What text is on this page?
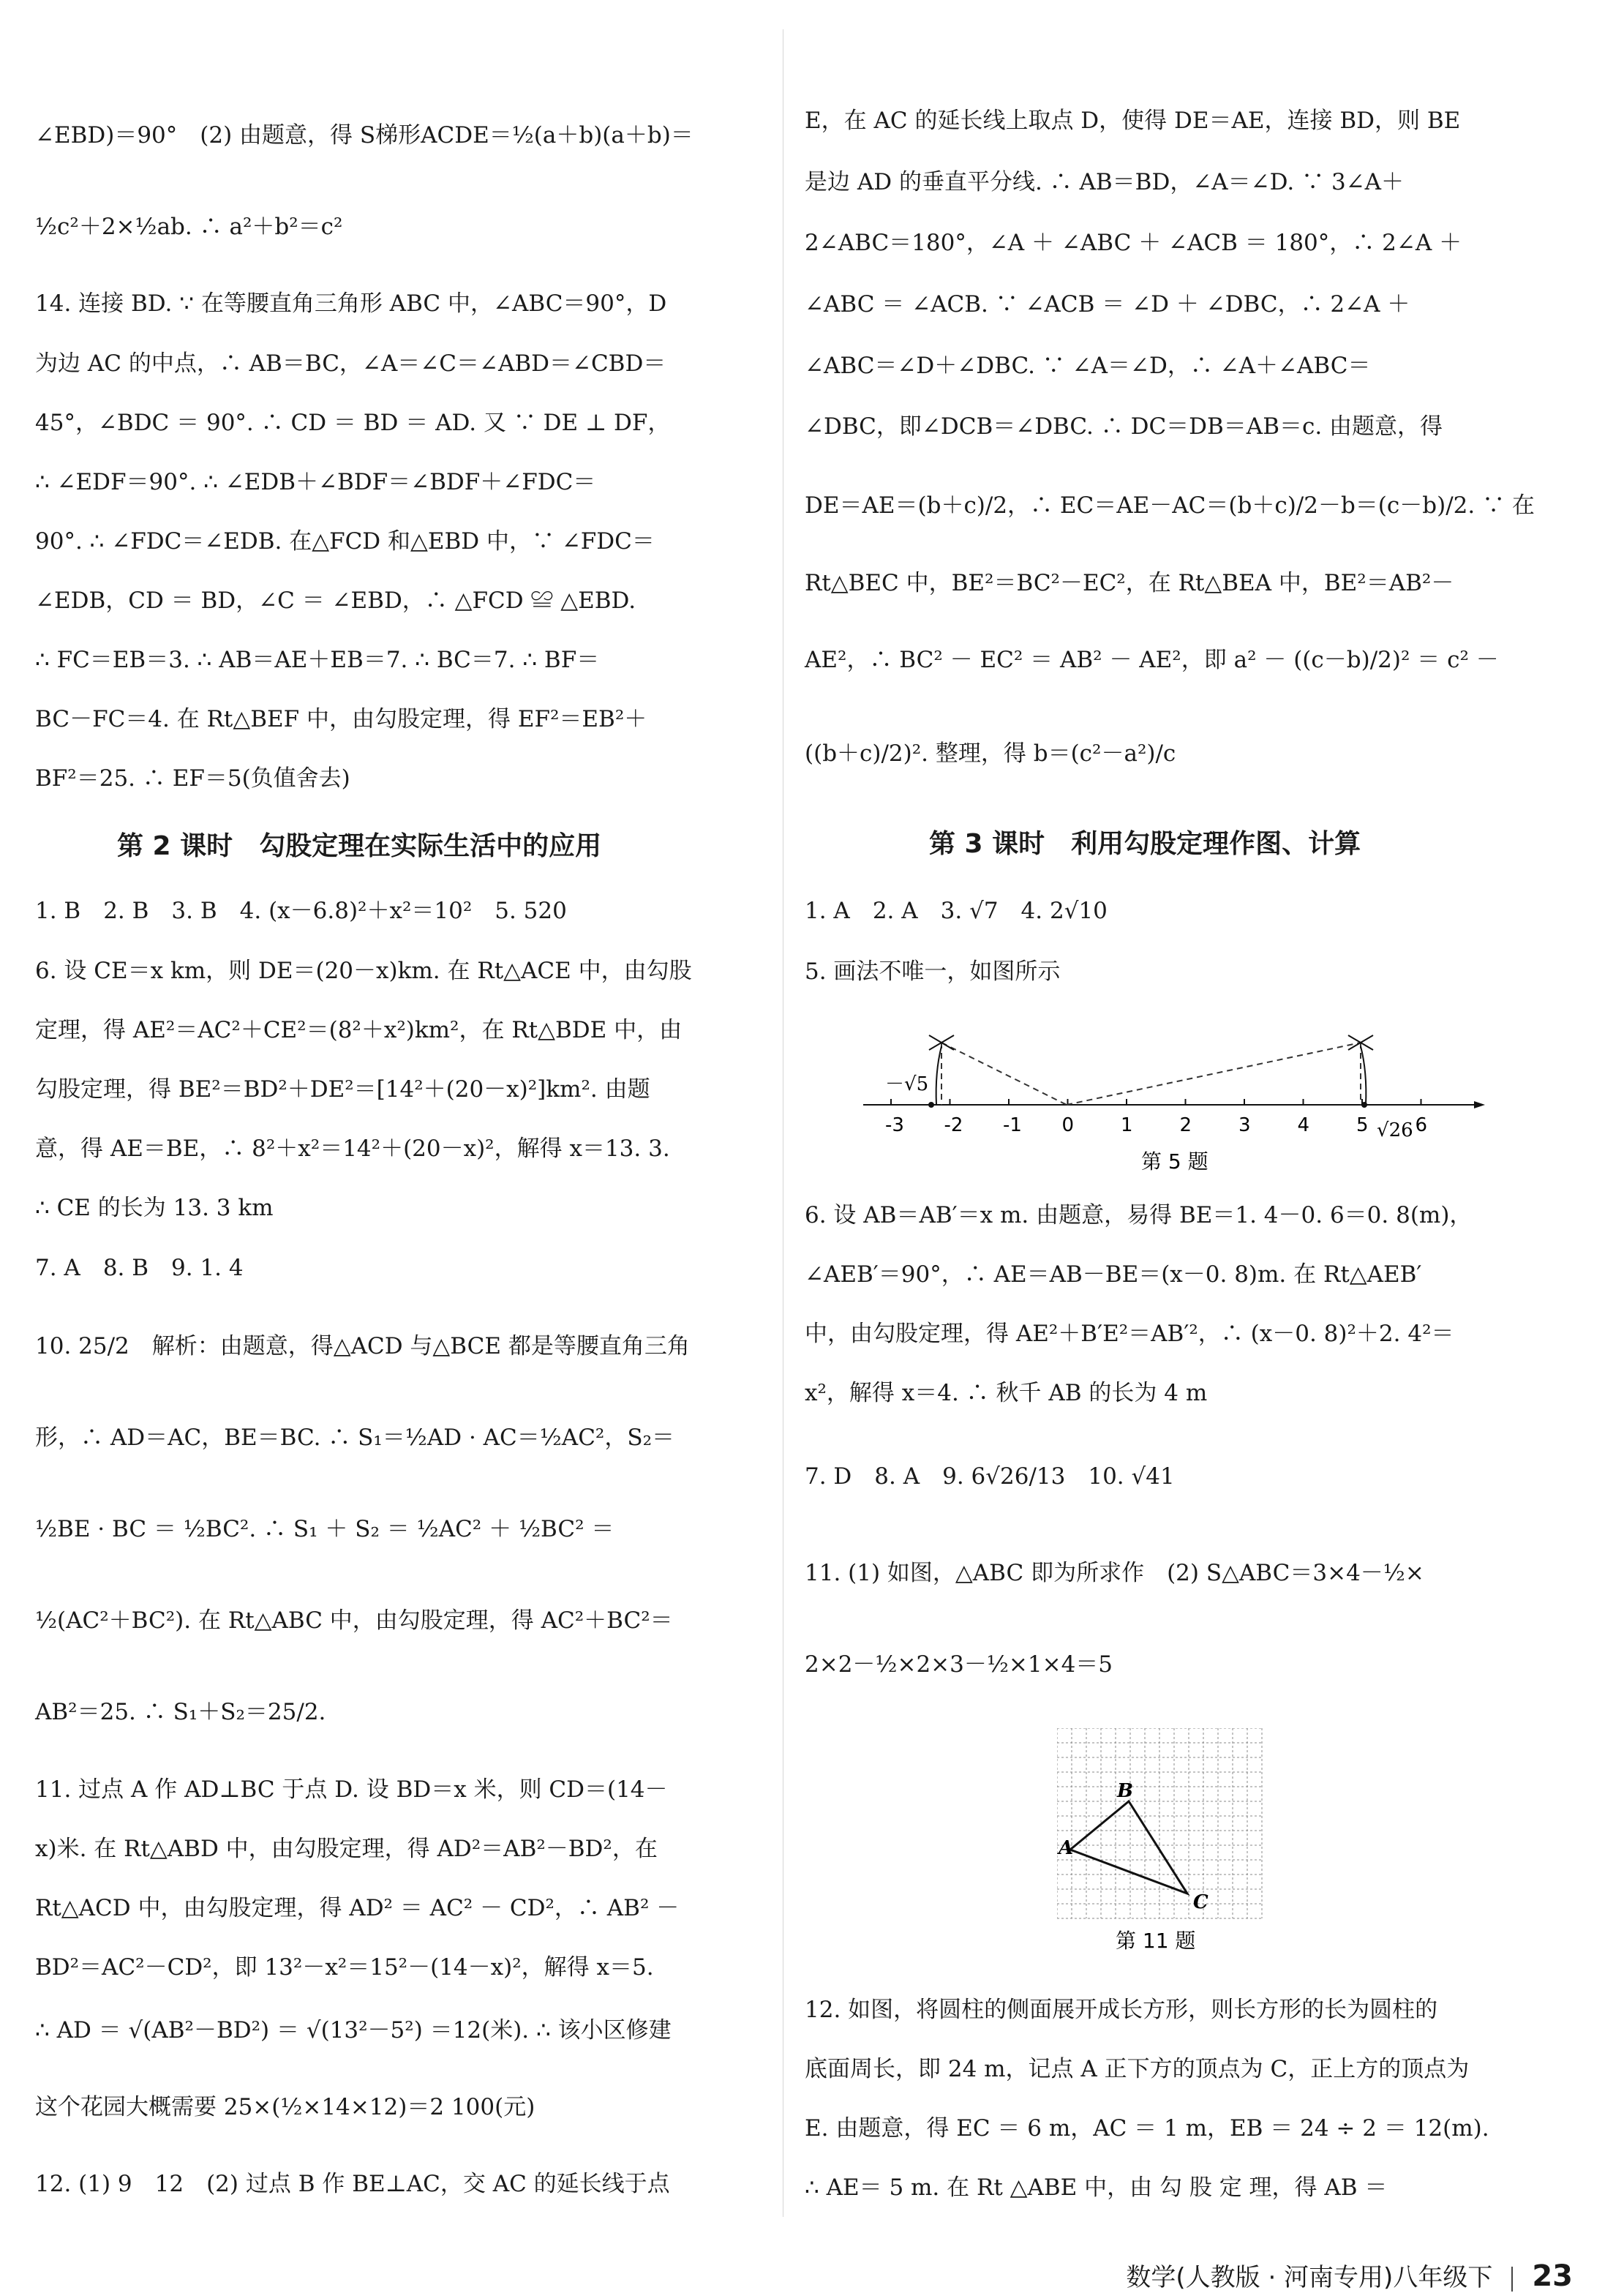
∠EBD)＝90°　(2) 由题意，得 S梯形ACDE＝½(a＋b)(a＋b)＝
½c²＋2×½ab. ∴ a²＋b²＝c²
14. 连接 BD. ∵ 在等腰直角三角形 ABC 中，∠ABC＝90°，D
为边 AC 的中点，∴ AB＝BC，∠A＝∠C＝∠ABD＝∠CBD＝
45°，∠BDC ＝ 90°. ∴ CD ＝ BD ＝ AD. 又 ∵ DE ⊥ DF，
∴ ∠EDF＝90°. ∴ ∠EDB＋∠BDF＝∠BDF＋∠FDC＝
90°. ∴ ∠FDC＝∠EDB. 在△FCD 和△EBD 中，∵ ∠FDC＝
∠EDB，CD ＝ BD，∠C ＝ ∠EBD，∴ △FCD ≌ △EBD.
∴ FC＝EB＝3. ∴ AB＝AE＋EB＝7. ∴ BC＝7. ∴ BF＝
BC－FC＝4. 在 Rt△BEF 中，由勾股定理，得 EF²＝EB²＋
BF²＝25. ∴ EF＝5(负值舍去)
第 2 课时　勾股定理在实际生活中的应用
1. B　2. B　3. B　4. (x－6.8)²＋x²＝10²　5. 520
6. 设 CE＝x km，则 DE＝(20－x)km. 在 Rt△ACE 中，由勾股
定理，得 AE²＝AC²＋CE²＝(8²＋x²)km²，在 Rt△BDE 中，由
勾股定理，得 BE²＝BD²＋DE²＝[14²＋(20－x)²]km². 由题
意，得 AE＝BE，∴ 8²＋x²＝14²＋(20－x)²，解得 x＝13. 3.
∴ CE 的长为 13. 3 km
7. A　8. B　9. 1. 4
10. 25/2　解析：由题意，得△ACD 与△BCE 都是等腰直角三角
形，∴ AD＝AC，BE＝BC. ∴ S₁＝½AD · AC＝½AC²，S₂＝
½BE · BC ＝ ½BC². ∴ S₁ ＋ S₂ ＝ ½AC² ＋ ½BC² ＝
½(AC²＋BC²). 在 Rt△ABC 中，由勾股定理，得 AC²＋BC²＝
AB²＝25. ∴ S₁＋S₂＝25/2.
11. 过点 A 作 AD⊥BC 于点 D. 设 BD＝x 米，则 CD＝(14－
x)米. 在 Rt△ABD 中，由勾股定理，得 AD²＝AB²－BD²，在
Rt△ACD 中，由勾股定理，得 AD² ＝ AC² － CD²，∴ AB² －
BD²＝AC²－CD²，即 13²－x²＝15²－(14－x)²，解得 x＝5.
∴ AD ＝ √(AB²－BD²) ＝ √(13²－5²) ＝12(米). ∴ 该小区修建
这个花园大概需要 25×(½×14×12)＝2 100(元)
12. (1) 9　12　(2) 过点 B 作 BE⊥AC，交 AC 的延长线于点
E，在 AC 的延长线上取点 D，使得 DE＝AE，连接 BD，则 BE
是边 AD 的垂直平分线. ∴ AB＝BD，∠A＝∠D. ∵ 3∠A＋
2∠ABC＝180°，∠A ＋ ∠ABC ＋ ∠ACB ＝ 180°，∴ 2∠A ＋
∠ABC ＝ ∠ACB. ∵ ∠ACB ＝ ∠D ＋ ∠DBC，∴ 2∠A ＋
∠ABC＝∠D＋∠DBC. ∵ ∠A＝∠D，∴ ∠A＋∠ABC＝
∠DBC，即∠DCB＝∠DBC. ∴ DC＝DB＝AB＝c. 由题意，得
DE＝AE＝(b＋c)/2，∴ EC＝AE－AC＝(b＋c)/2－b＝(c－b)/2. ∵ 在
Rt△BEC 中，BE²＝BC²－EC²，在 Rt△BEA 中，BE²＝AB²－
AE²，∴ BC² － EC² ＝ AB² － AE²，即 a² － ((c－b)/2)² ＝ c² －
((b＋c)/2)². 整理，得 b＝(c²－a²)/c
第 3 课时　利用勾股定理作图、计算
1. A　2. A　3. √7　4. 2√10
5. 画法不唯一，如图所示
-3 -2 -1 0 1 2 3 4 5 6
－√5
√26
第 5 题
6. 设 AB＝AB′＝x m. 由题意，易得 BE＝1. 4－0. 6＝0. 8(m)，
∠AEB′＝90°，∴ AE＝AB－BE＝(x－0. 8)m. 在 Rt△AEB′
中，由勾股定理，得 AE²＋B′E²＝AB′²，∴ (x－0. 8)²＋2. 4²＝
x²，解得 x＝4. ∴ 秋千 AB 的长为 4 m
7. D　8. A　9. 6√26/13　10. √41
11. (1) 如图，△ABC 即为所求作　(2) S△ABC＝3×4－½×
2×2－½×2×3－½×1×4＝5
A
B
C
第 11 题
12. 如图，将圆柱的侧面展开成长方形，则长方形的长为圆柱的
底面周长，即 24 m，记点 A 正下方的顶点为 C，正上方的顶点为
E. 由题意，得 EC ＝ 6 m，AC ＝ 1 m，EB ＝ 24 ÷ 2 ＝ 12(m).
∴ AE＝ 5 m. 在 Rt △ABE 中，由 勾 股 定 理，得 AB ＝
数学(人教版 · 河南专用)八年级下 23
